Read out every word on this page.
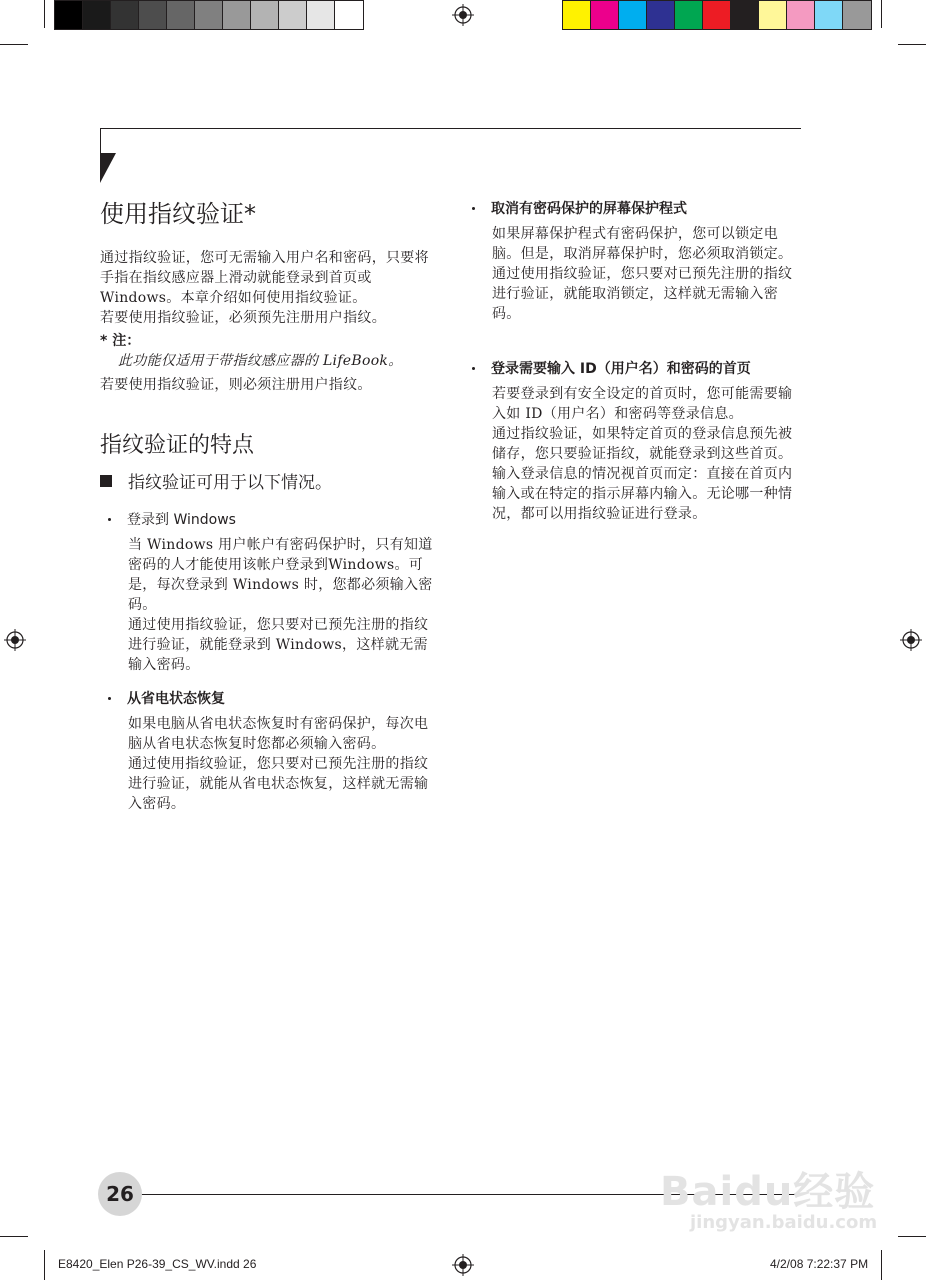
使用指纹验证*

通过指纹验证，您可无需输入用户名和密码，只要将手指在指纹感应器上滑动就能登录到首页或 Windows。本章介绍如何使用指纹验证。

若要使用指纹验证，必须预先注册用户指纹。

* 注：
此功能仅适用于带指纹感应器的 LifeBook。
若要使用指纹验证，则必须注册用户指纹。
指纹验证的特点
指纹验证可用于以下情况。
登录到 Windows

当 Windows 用户帐户有密码保护时，只有知道密码的人才能使用该帐户登录到Windows。可是，每次登录到 Windows 时，您都必须输入密码。

通过使用指纹验证，您只要对已预先注册的指纹进行验证，就能登录到 Windows，这样就无需输入密码。

从省电状态恢复

如果电脑从省电状态恢复时有密码保护，每次电脑从省电状态恢复时您都必须输入密码。

通过使用指纹验证，您只要对已预先注册的指纹进行验证，就能从省电状态恢复，这样就无需输入密码。

取消有密码保护的屏幕保护程式

如果屏幕保护程式有密码保护，您可以锁定电脑。但是，取消屏幕保护时，您必须取消锁定。

通过使用指纹验证，您只要对已预先注册的指纹进行验证，就能取消锁定，这样就无需输入密码。

登录需要输入 ID（用户名）和密码的首页

若要登录到有安全设定的首页时，您可能需要输入如 ID（用户名）和密码等登录信息。

通过指纹验证，如果特定首页的登录信息预先被储存，您只要验证指纹，就能登录到这些首页。

输入登录信息的情况视首页而定：直接在首页内输入或在特定的指示屏幕内输入。无论哪一种情况，都可以用指纹验证进行登录。

26	Baidu经验
jingyan.baidu.com
E8420_Elen P26-39_CS_WV.indd 26	4/2/08 7:22:37 PM
